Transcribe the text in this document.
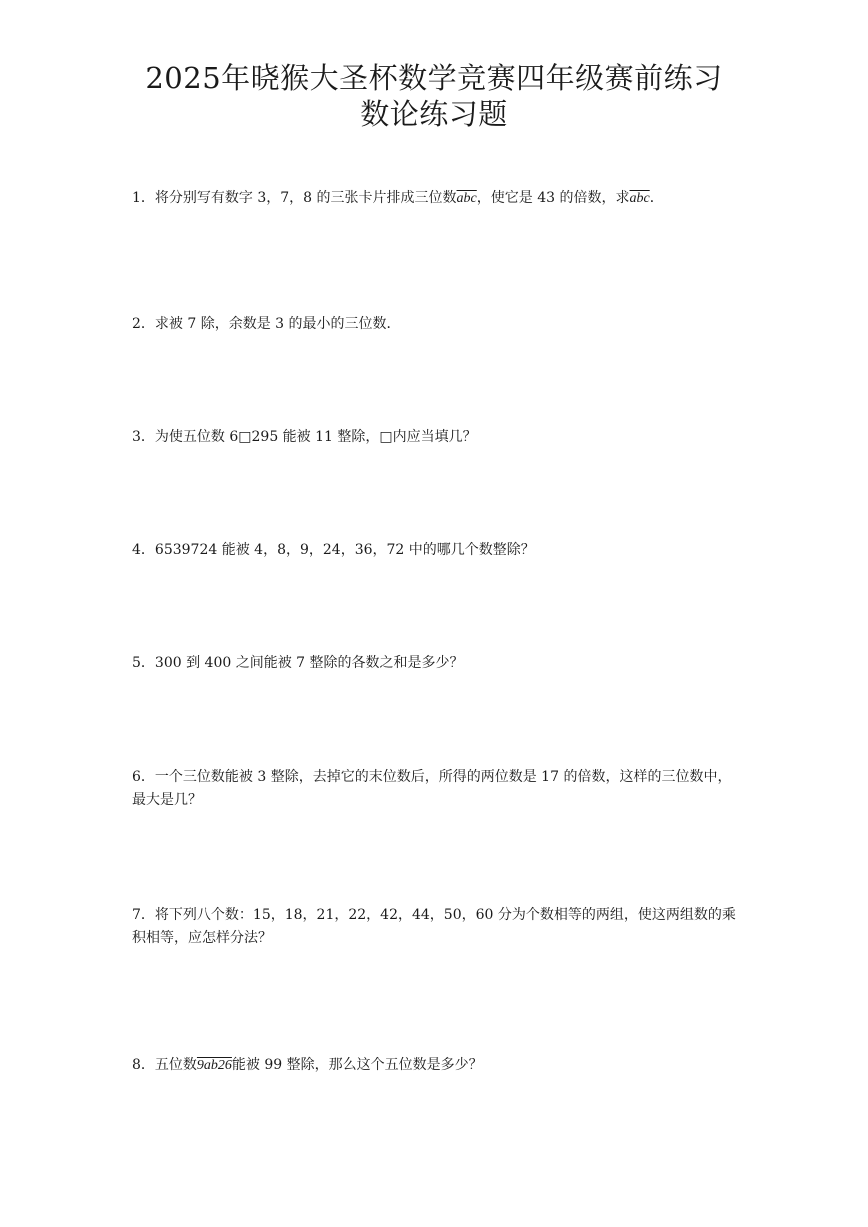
2025年晓猴大圣杯数学竞赛四年级赛前练习
数论练习题
1．将分别写有数字 3，7，8 的三张卡片排成三位数$\overline{abc}$，使它是 43 的倍数，求$\overline{abc}$．
2．求被 7 除，余数是 3 的最小的三位数．
3．为使五位数 6□295 能被 11 整除，□内应当填几？
4．6539724 能被 4，8，9，24，36，72 中的哪几个数整除？
5．300 到 400 之间能被 7 整除的各数之和是多少？
6．一个三位数能被 3 整除，去掉它的末位数后，所得的两位数是 17 的倍数，这样的三位数中，最大是几？
7．将下列八个数：15，18，21，22，42，44，50，60 分为个数相等的两组，使这两组数的乘积相等，应怎样分法？
8．五位数9ab26能被 99 整除，那么这个五位数是多少？
